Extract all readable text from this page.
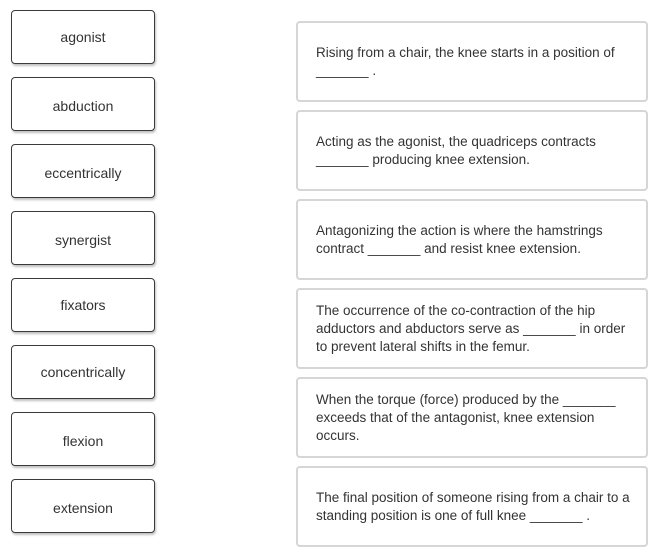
agonist
abduction
eccentrically
synergist
fixators
concentrically
flexion
extension
Rising from a chair, the knee starts in a position of _______ .
Acting as the agonist, the quadriceps contracts _______ producing knee extension.
Antagonizing the action is where the hamstrings contract _______ and resist knee extension.
The occurrence of the co-contraction of the hip adductors and abductors serve as _______ in order to prevent lateral shifts in the femur.
When the torque (force) produced by the _______ exceeds that of the antagonist, knee extension occurs.
The final position of someone rising from a chair to a standing position is one of full knee _______ .
